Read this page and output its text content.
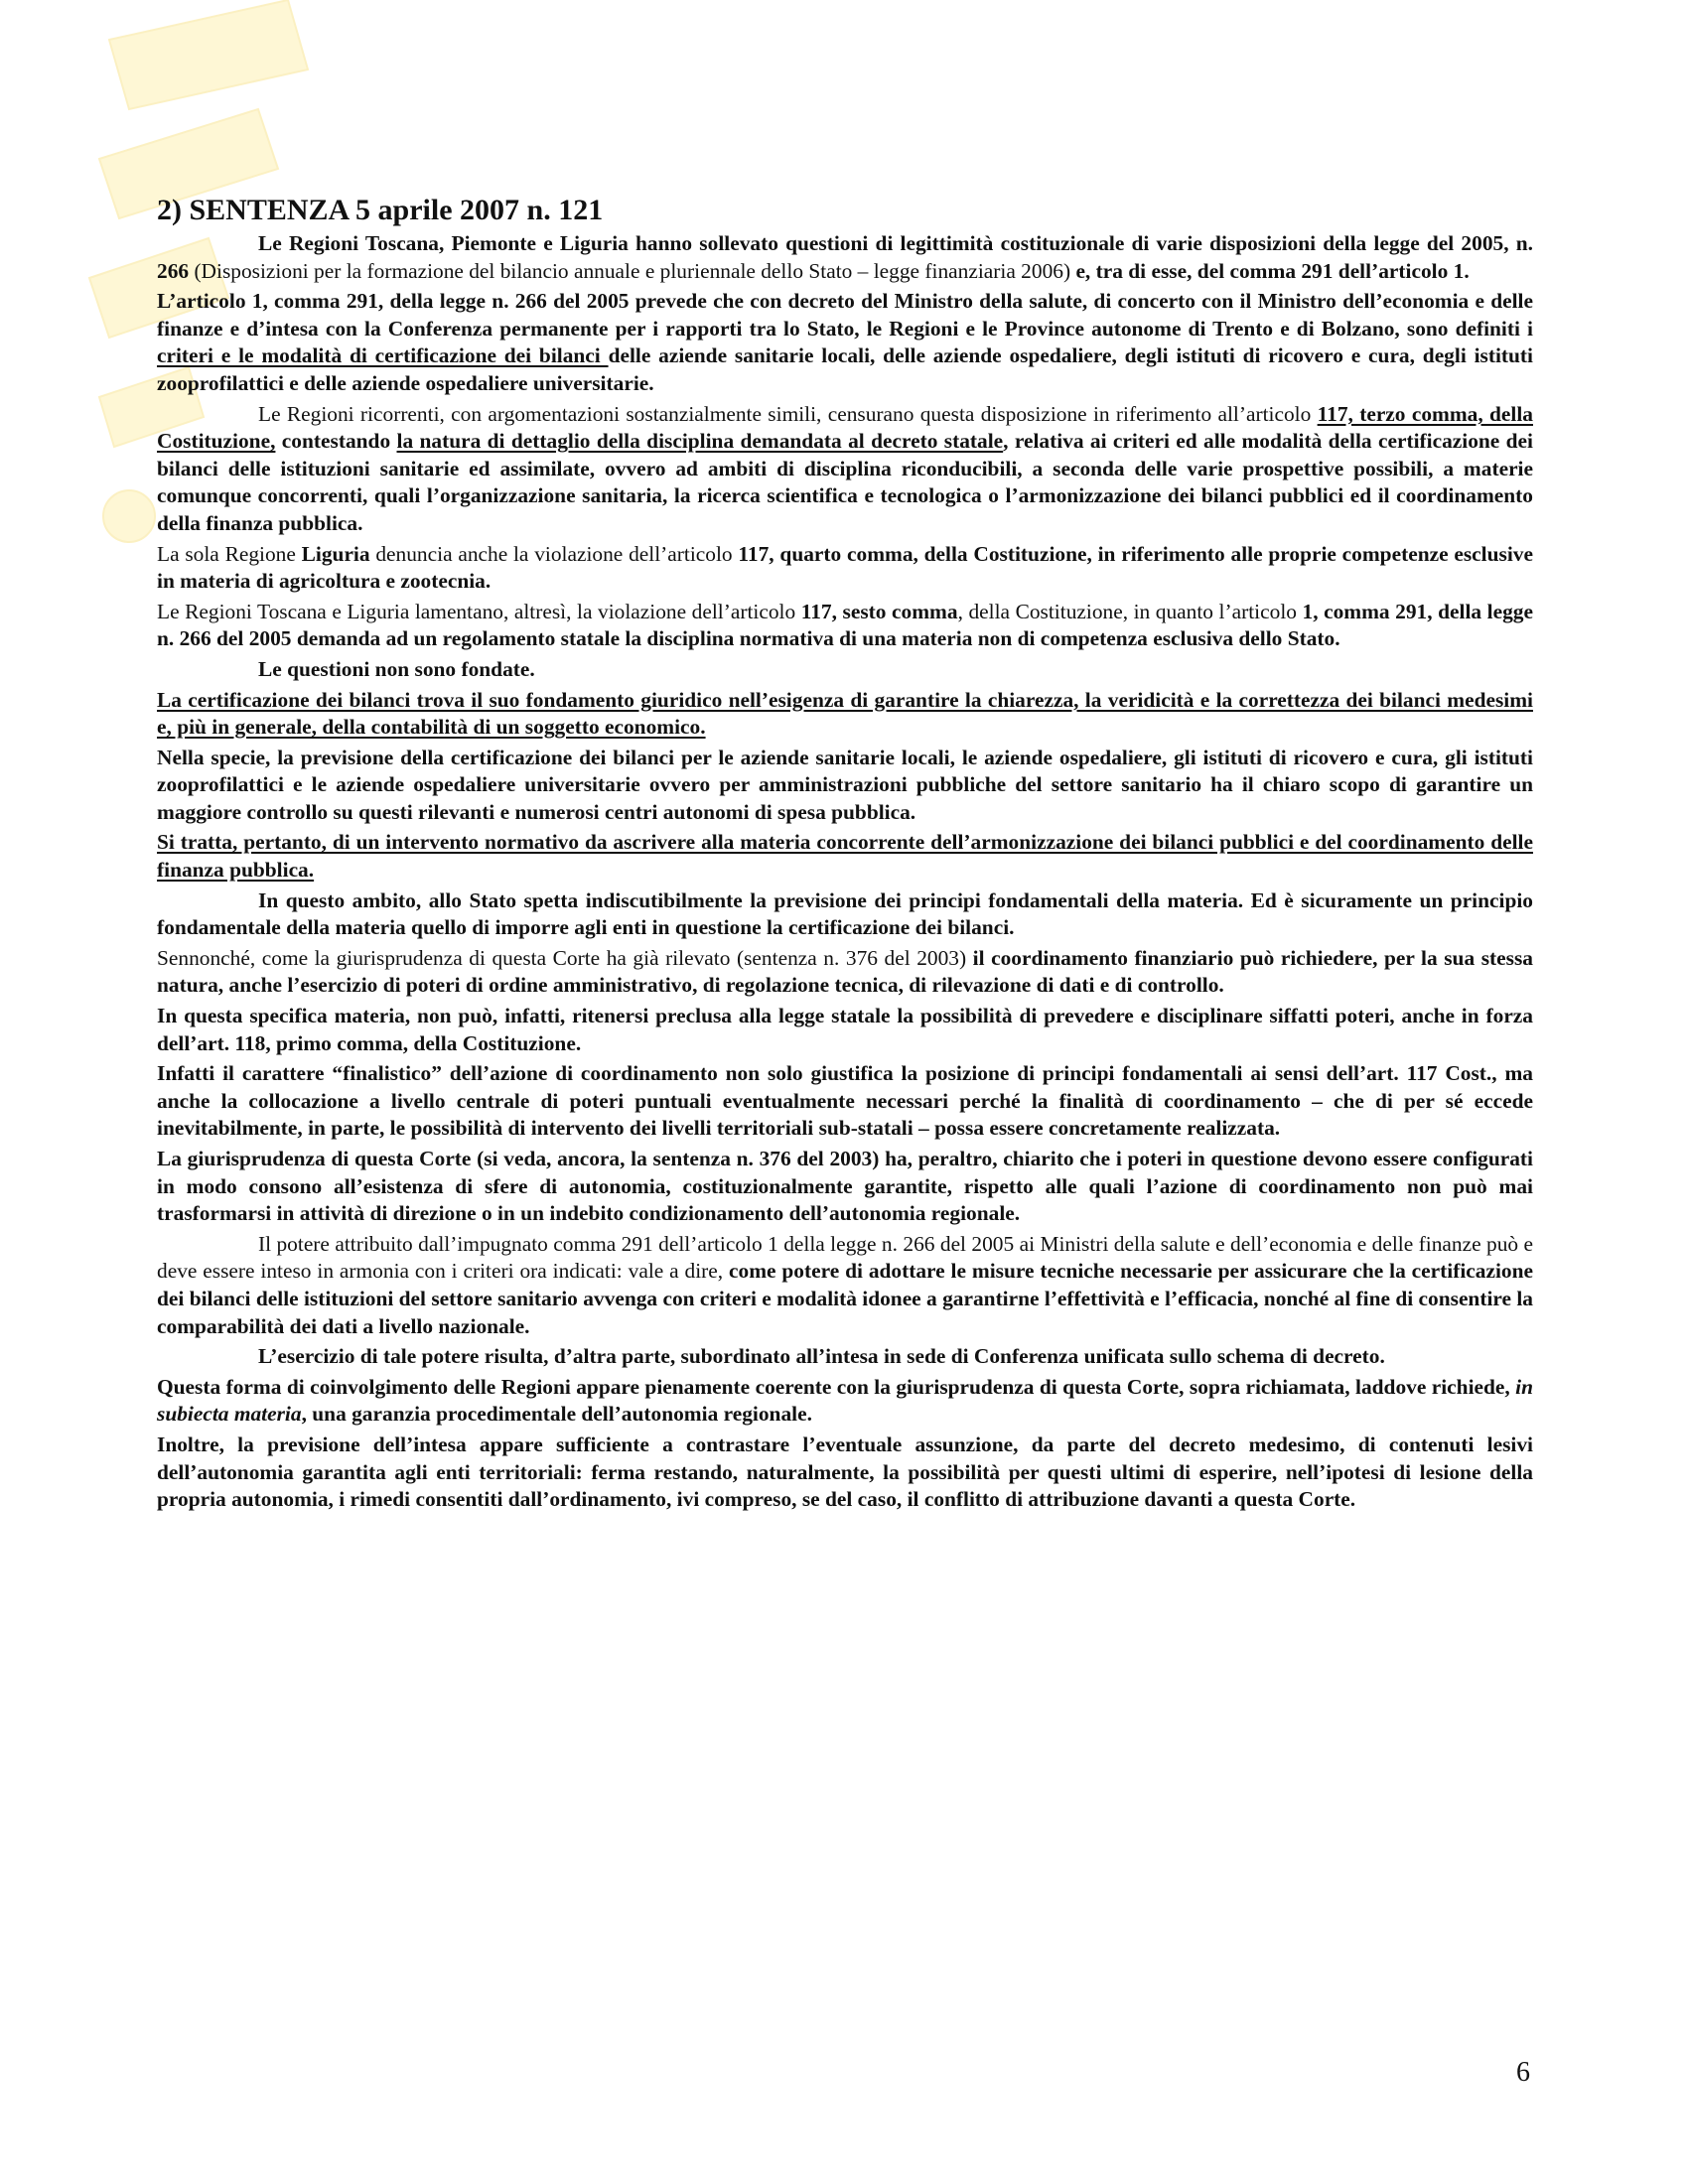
2) SENTENZA 5 aprile 2007 n. 121

Le Regioni Toscana, Piemonte e Liguria hanno sollevato questioni di legittimità costituzionale di varie disposizioni della legge del 2005, n. 266 (Disposizioni per la formazione del bilancio annuale e pluriennale dello Stato – legge finanziaria 2006) e, tra di esse, del comma 291 dell’articolo 1.

L’articolo 1, comma 291, della legge n. 266 del 2005 prevede che con decreto del Ministro della salute, di concerto con il Ministro dell’economia e delle finanze e d’intesa con la Conferenza permanente per i rapporti tra lo Stato, le Regioni e le Province autonome di Trento e di Bolzano, sono definiti i criteri e le modalità di certificazione dei bilanci delle aziende sanitarie locali, delle aziende ospedaliere, degli istituti di ricovero e cura, degli istituti zooprofilattici e delle aziende ospedaliere universitarie.

Le Regioni ricorrenti, con argomentazioni sostanzialmente simili, censurano questa disposizione in riferimento all’articolo 117, terzo comma, della Costituzione, contestando la natura di dettaglio della disciplina demandata al decreto statale, relativa ai criteri ed alle modalità della certificazione dei bilanci delle istituzioni sanitarie ed assimilate, ovvero ad ambiti di disciplina riconducibili, a seconda delle varie prospettive possibili, a materie comunque concorrenti, quali l’organizzazione sanitaria, la ricerca scientifica e tecnologica o l’armonizzazione dei bilanci pubblici ed il coordinamento della finanza pubblica.

La sola Regione Liguria denuncia anche la violazione dell’articolo 117, quarto comma, della Costituzione, in riferimento alle proprie competenze esclusive in materia di agricoltura e zootecnia.

Le Regioni Toscana e Liguria lamentano, altresì, la violazione dell’articolo 117, sesto comma, della Costituzione, in quanto l’articolo 1, comma 291, della legge n. 266 del 2005 demanda ad un regolamento statale la disciplina normativa di una materia non di competenza esclusiva dello Stato.

Le questioni non sono fondate.

La certificazione dei bilanci trova il suo fondamento giuridico nell’esigenza di garantire la chiarezza, la veridicità e la correttezza dei bilanci medesimi e, più in generale, della contabilità di un soggetto economico.

Nella specie, la previsione della certificazione dei bilanci per le aziende sanitarie locali, le aziende ospedaliere, gli istituti di ricovero e cura, gli istituti zooprofilattici e le aziende ospedaliere universitarie ovvero per amministrazioni pubbliche del settore sanitario ha il chiaro scopo di garantire un maggiore controllo su questi rilevanti e numerosi centri autonomi di spesa pubblica.

Si tratta, pertanto, di un intervento normativo da ascrivere alla materia concorrente dell’armonizzazione dei bilanci pubblici e del coordinamento delle finanza pubblica.

In questo ambito, allo Stato spetta indiscutibilmente la previsione dei principi fondamentali della materia. Ed è sicuramente un principio fondamentale della materia quello di imporre agli enti in questione la certificazione dei bilanci.

Sennonché, come la giurisprudenza di questa Corte ha già rilevato (sentenza n. 376 del 2003) il coordinamento finanziario può richiedere, per la sua stessa natura, anche l’esercizio di poteri di ordine amministrativo, di regolazione tecnica, di rilevazione di dati e di controllo.

In questa specifica materia, non può, infatti, ritenersi preclusa alla legge statale la possibilità di prevedere e disciplinare siffatti poteri, anche in forza dell’art. 118, primo comma, della Costituzione.

Infatti il carattere “finalistico” dell’azione di coordinamento non solo giustifica la posizione di principi fondamentali ai sensi dell’art. 117 Cost., ma anche la collocazione a livello centrale di poteri puntuali eventualmente necessari perché la finalità di coordinamento – che di per sé eccede inevitabilmente, in parte, le possibilità di intervento dei livelli territoriali sub-statali – possa essere concretamente realizzata.

La giurisprudenza di questa Corte (si veda, ancora, la sentenza n. 376 del 2003) ha, peraltro, chiarito che i poteri in questione devono essere configurati in modo consono all’esistenza di sfere di autonomia, costituzionalmente garantite, rispetto alle quali l’azione di coordinamento non può mai trasformarsi in attività di direzione o in un indebito condizionamento dell’autonomia regionale.

Il potere attribuito dall’impugnato comma 291 dell’articolo 1 della legge n. 266 del 2005 ai Ministri della salute e dell’economia e delle finanze può e deve essere inteso in armonia con i criteri ora indicati: vale a dire, come potere di adottare le misure tecniche necessarie per assicurare che la certificazione dei bilanci delle istituzioni del settore sanitario avvenga con criteri e modalità idonee a garantirne l’effettività e l’efficacia, nonché al fine di consentire la comparabilità dei dati a livello nazionale.

L’esercizio di tale potere risulta, d’altra parte, subordinato all’intesa in sede di Conferenza unificata sullo schema di decreto.

Questa forma di coinvolgimento delle Regioni appare pienamente coerente con la giurisprudenza di questa Corte, sopra richiamata, laddove richiede, in subiecta materia, una garanzia procedimentale dell’autonomia regionale.

Inoltre, la previsione dell’intesa appare sufficiente a contrastare l’eventuale assunzione, da parte del decreto medesimo, di contenuti lesivi dell’autonomia garantita agli enti territoriali: ferma restando, naturalmente, la possibilità per questi ultimi di esperire, nell’ipotesi di lesione della propria autonomia, i rimedi consentiti dall’ordinamento, ivi compreso, se del caso, il conflitto di attribuzione davanti a questa Corte.

6
